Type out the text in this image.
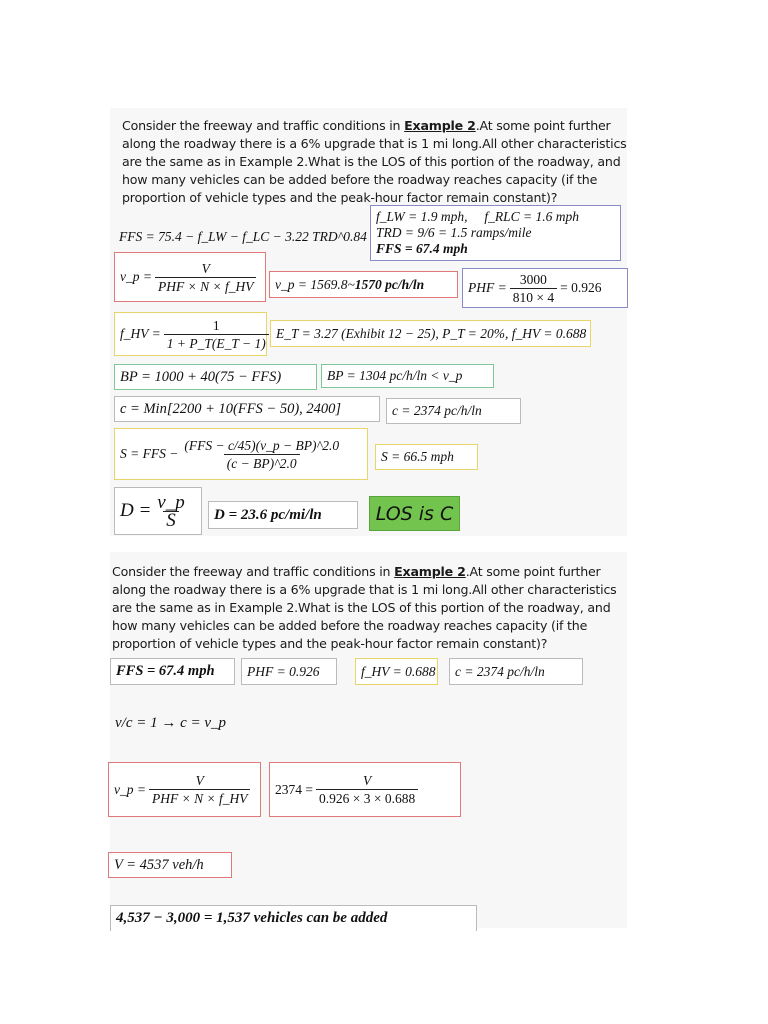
Consider the freeway and traffic conditions in Example 2.At some point further
along the roadway there is a 6% upgrade that is 1 mi long.All other characteristics
are the same as in Example 2.What is the LOS of this portion of the roadway, and
how many vehicles can be added before the roadway reaches capacity (if the
proportion of vehicle types and the peak-hour factor remain constant)?
FFS = 75.4 − f_LW − f_LC − 3.22 TRD^0.84
f_LW = 1.9 mph, f_RLC = 1.6 mph
TRD = 9/6 = 1.5 ramps/mile
FFS = 67.4 mph
v_p = $\frac{V}{\text{PHF × N × f\_HV}}$ v_p = 1569.8~ 1570 pc/h/ln	PHF = $\frac{3000}{810 \times 4} = 0.926$
f_HV = $\frac{1}{1 + P\_T(E\_T - 1)}$ E_T = 3.27 (Exhibit 12 − 25), P_T = 20%, f_HV = 0.688
BP = 1000 + 40(75 − FFS)	BP = 1304 pc/h/ln < v_p
c = Min[2200 + 10(FFS − 50), 2400]	c = 2374 pc/h/ln
S = FFS − $\frac{\text{(FFS − c/45)(v\_p − BP)\textasciicircum{}2.0}}{(c - BP)\^{}2.0}$	S = 66.5 mph
$D = \frac{v\_p}{S}$	D = 23.6 pc/mi/ln	LOS is C
Consider the freeway and traffic conditions in Example 2.At some point further
along the roadway there is a 6% upgrade that is 1 mi long.All other characteristics
are the same as in Example 2.What is the LOS of this portion of the roadway, and
how many vehicles can be added before the roadway reaches capacity (if the
proportion of vehicle types and the peak-hour factor remain constant)?
FFS = 67.4 mph	PHF = 0.926	f_HV = 0.688	c = 2374 pc/h/ln
v/c = 1 → c = v_p
v_p = $\frac{V}{\text{PHF × N × f\_HV}} 2374 = \frac{V}{0.926 \times 3 \times 0.688}$
V = 4537 veh/h
4,537 − 3,000 = 1,537 vehicles can be added
